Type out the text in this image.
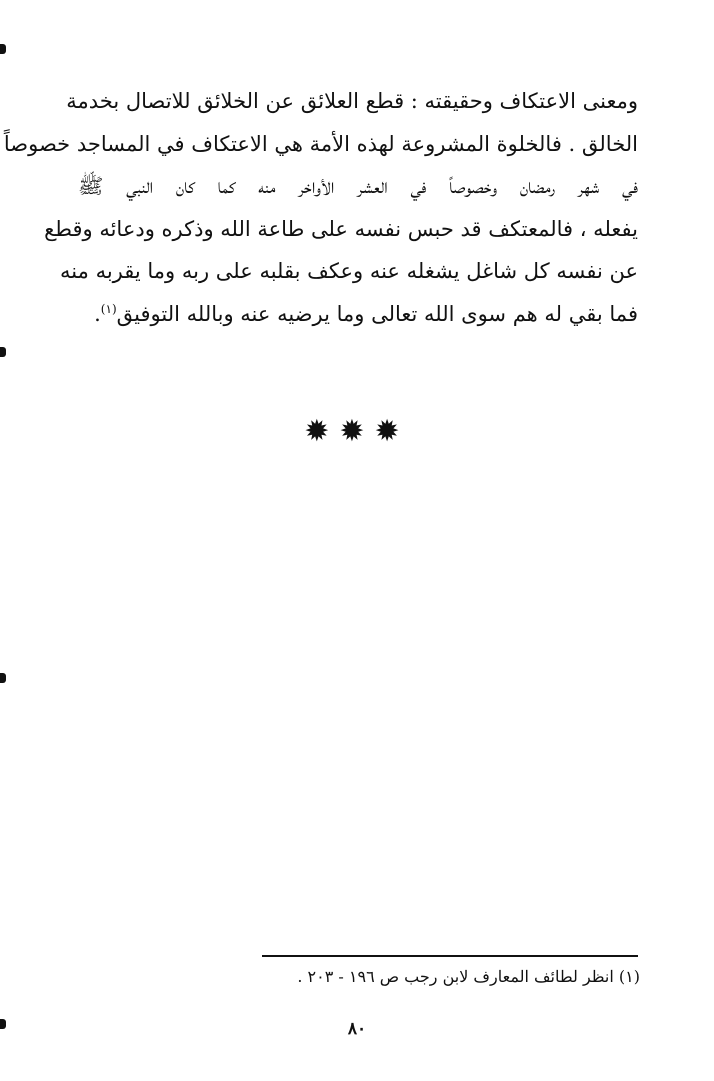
ومعنى الاعتكاف وحقيقته : قطع العلائق عن الخلائق للاتصال بخدمة
الخالق . فالخلوة المشروعة لهذه الأمة هي الاعتكاف في المساجد خصوصاً
في شهر رمضان وخصوصاً في العشر الأواخر منه كما كان النبي ﷺ
يفعله ، فالمعتكف قد حبس نفسه على طاعة الله وذكره ودعائه وقطع
عن نفسه كل شاغل يشغله عنه وعكف بقلبه على ربه وما يقربه منه
فما بقي له هم سوى الله تعالى وما يرضيه عنه وبالله التوفيق$^{(١)}$.
✹✹✹
(١) انظر لطائف المعارف لابن رجب ص ١٩٦ - ٢٠٣ .
٨٠
